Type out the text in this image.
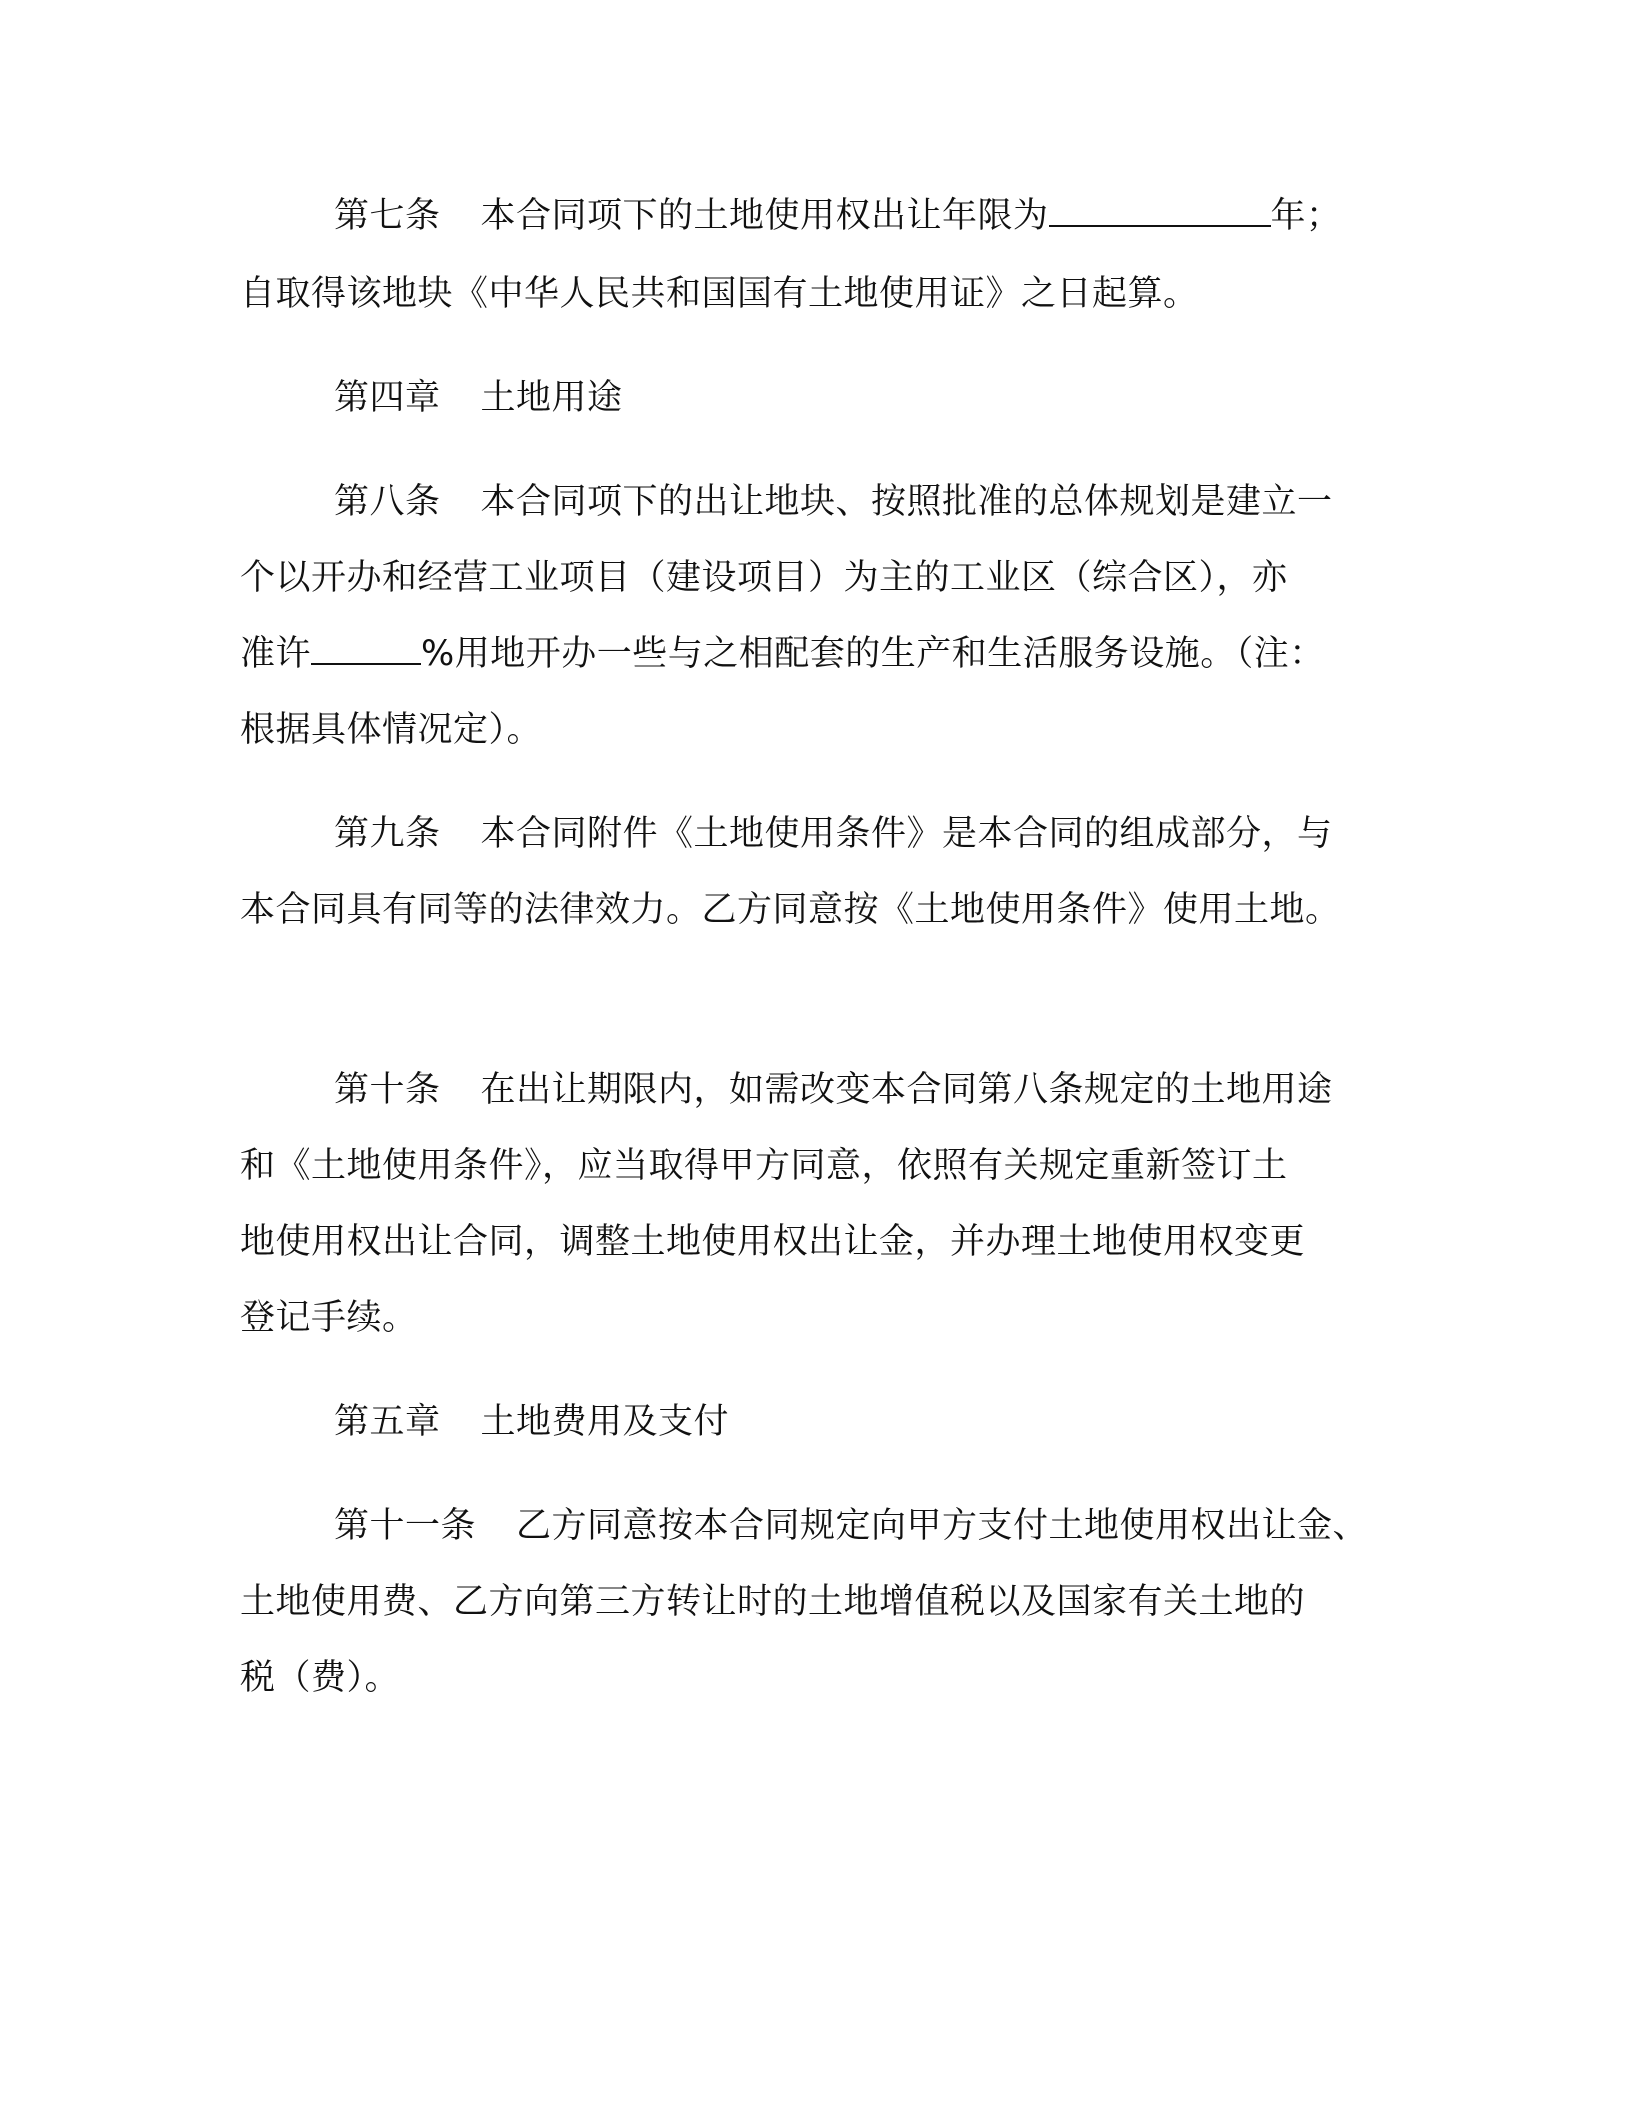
第七条 本合同项下的土地使用权出让年限为	年；
自取得该地块《中华人民共和国国有土地使用证》之日起算。
第四章 土地用途
第八条 本合同项下的出让地块、按照批准的总体规划是建立一
个以开办和经营工业项目（建设项目）为主的工业区（综合区），亦
准许	%用地开办一些与之相配套的生产和生活服务设施。（注：
根据具体情况定）。
第九条 本合同附件《土地使用条件》是本合同的组成部分，与
本合同具有同等的法律效力。乙方同意按《土地使用条件》使用土地。
第十条 在出让期限内，如需改变本合同第八条规定的土地用途
和《土地使用条件》，应当取得甲方同意，依照有关规定重新签订土
地使用权出让合同，调整土地使用权出让金，并办理土地使用权变更
登记手续。
第五章 土地费用及支付
第十一条 乙方同意按本合同规定向甲方支付土地使用权出让金、
土地使用费、乙方向第三方转让时的土地增值税以及国家有关土地的
税（费）。
